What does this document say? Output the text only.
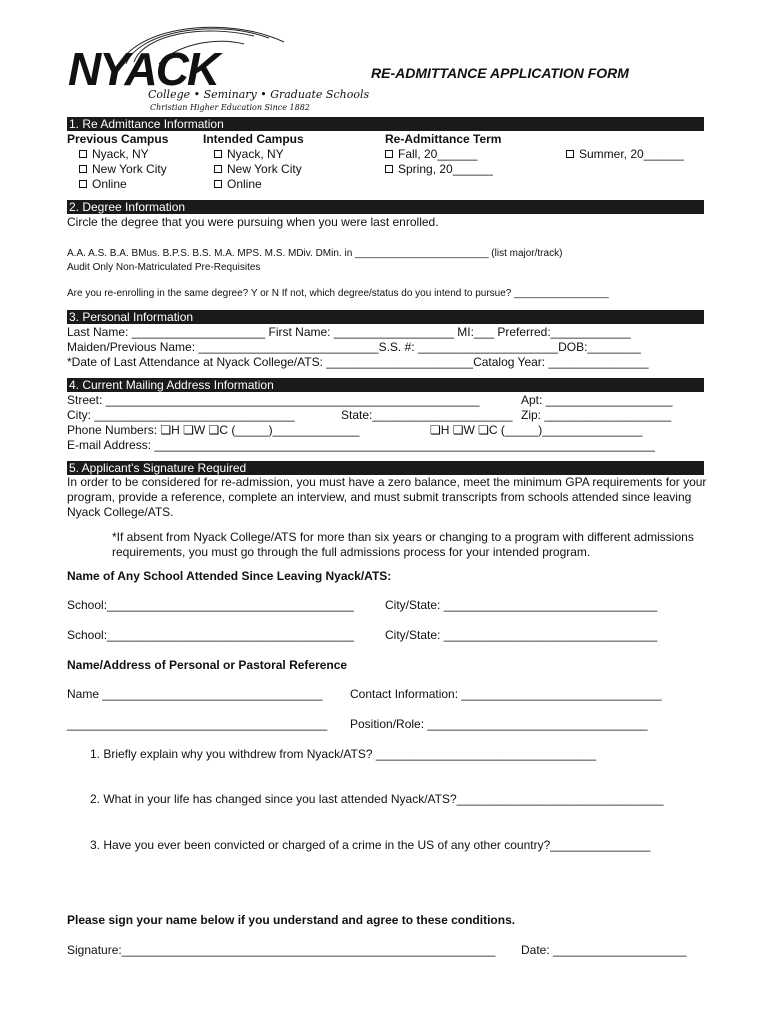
NYACK
College • Seminary • Graduate Schools
Christian Higher Education Since 1882
RE-ADMITTANCE APPLICATION FORM
1. Re Admittance Information
Previous Campus
Nyack, NY
New York City
Online
Intended Campus
Nyack, NY
New York City
Online
Re-Admittance Term
Fall, 20______
Spring, 20______
Summer, 20______
2. Degree Information
Circle the degree that you were pursuing when you were last enrolled.
A.A. A.S. B.A. BMus. B.P.S. B.S. M.A. MPS. M.S. MDiv. DMin. in ________________________ (list major/track)
Audit Only Non-Matriculated Pre-Requisites
Are you re-enrolling in the same degree? Y or N If not, which degree/status do you intend to pursue? _________________
3. Personal Information
Last Name: ____________________ First Name: __________________ MI:___ Preferred:____________
Maiden/Previous Name: ___________________________S.S. #: _____________________DOB:________
*Date of Last Attendance at Nyack College/ATS: ______________________Catalog Year: _______________
4. Current Mailing Address Information
Street: ________________________________________________________	Apt: ___________________
City: ______________________________	State:_____________________ Zip: ___________________
Phone Numbers: ❏H ❏W ❏C (_____)_____________	❏H ❏W ❏C (_____)_______________
E-mail Address: ___________________________________________________________________________
5. Applicant’s Signature Required
In order to be considered for re-admission, you must have a zero balance, meet the minimum GPA requirements for your program, provide a reference, complete an interview, and must submit transcripts from schools attended since leaving Nyack College/ATS.
*If absent from Nyack College/ATS for more than six years or changing to a program with different admissions requirements, you must go through the full admissions process for your intended program.
Name of Any School Attended Since Leaving Nyack/ATS:
School:_____________________________________	City/State: ________________________________
School:_____________________________________	City/State: ________________________________
Name/Address of Personal or Pastoral Reference
Name _________________________________ Contact Information: ______________________________
_______________________________________ Position/Role: _________________________________
1. Briefly explain why you withdrew from Nyack/ATS? _________________________________
2. What in your life has changed since you last attended Nyack/ATS?_______________________________
3. Have you ever been convicted or charged of a crime in the US of any other country?_______________
Please sign your name below if you understand and agree to these conditions.
Signature:________________________________________________________ Date: ____________________
